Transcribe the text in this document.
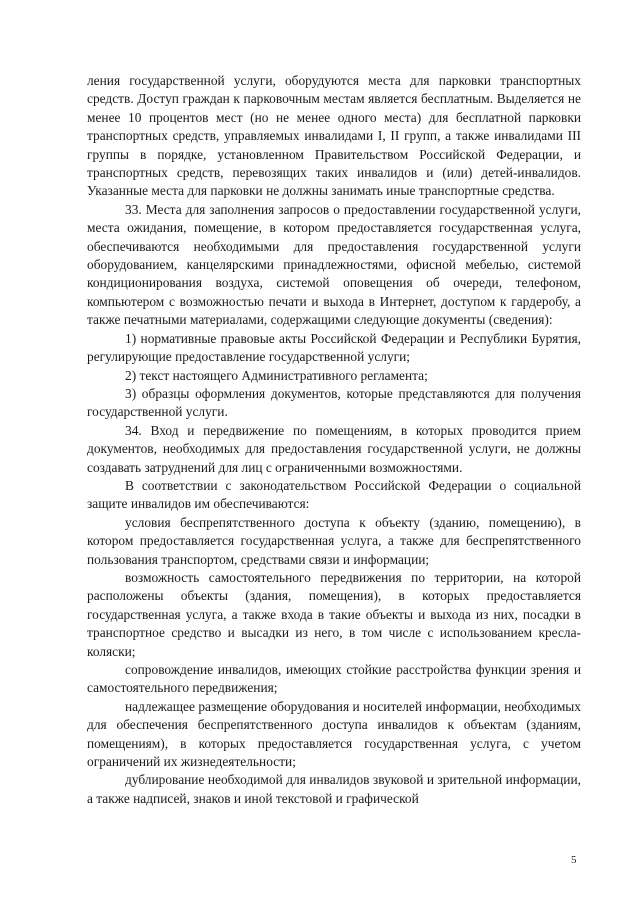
ления государственной услуги, оборудуются места для парковки транспортных средств. Доступ граждан к парковочным местам является бесплатным. Выделяется не менее 10 процентов мест (но не менее одного места) для бесплатной парковки транспортных средств, управляемых инвалидами I, II групп, а также инвалидами III группы в порядке, установленном Правительством Российской Федерации, и транспортных средств, перевозящих таких инвалидов и (или) детей-инвалидов. Указанные места для парковки не должны занимать иные транспортные средства.

33. Места для заполнения запросов о предоставлении государственной услуги, места ожидания, помещение, в котором предоставляется государственная услуга, обеспечиваются необходимыми для предоставления государственной услуги оборудованием, канцелярскими принадлежностями, офисной мебелью, системой кондиционирования воздуха, системой оповещения об очереди, телефоном, компьютером с возможностью печати и выхода в Интернет, доступом к гардеробу, а также печатными материалами, содержащими следующие документы (сведения):

1) нормативные правовые акты Российской Федерации и Республики Бурятия, регулирующие предоставление государственной услуги;

2) текст настоящего Административного регламента;

3) образцы оформления документов, которые представляются для получения государственной услуги.

34. Вход и передвижение по помещениям, в которых проводится прием документов, необходимых для предоставления государственной услуги, не должны создавать затруднений для лиц с ограниченными возможностями.

В соответствии с законодательством Российской Федерации о социальной защите инвалидов им обеспечиваются:

условия беспрепятственного доступа к объекту (зданию, помещению), в котором предоставляется государственная услуга, а также для беспрепятственного пользования транспортом, средствами связи и информации;

возможность самостоятельного передвижения по территории, на которой расположены объекты (здания, помещения), в которых предоставляется государственная услуга, а также входа в такие объекты и выхода из них, посадки в транспортное средство и высадки из него, в том числе с использованием кресла-коляски;

сопровождение инвалидов, имеющих стойкие расстройства функции зрения и самостоятельного передвижения;

надлежащее размещение оборудования и носителей информации, необходимых для обеспечения беспрепятственного доступа инвалидов к объектам (зданиям, помещениям), в которых предоставляется государственная услуга, с учетом ограничений их жизнедеятельности;

дублирование необходимой для инвалидов звуковой и зрительной информации, а также надписей, знаков и иной текстовой и графической

5
